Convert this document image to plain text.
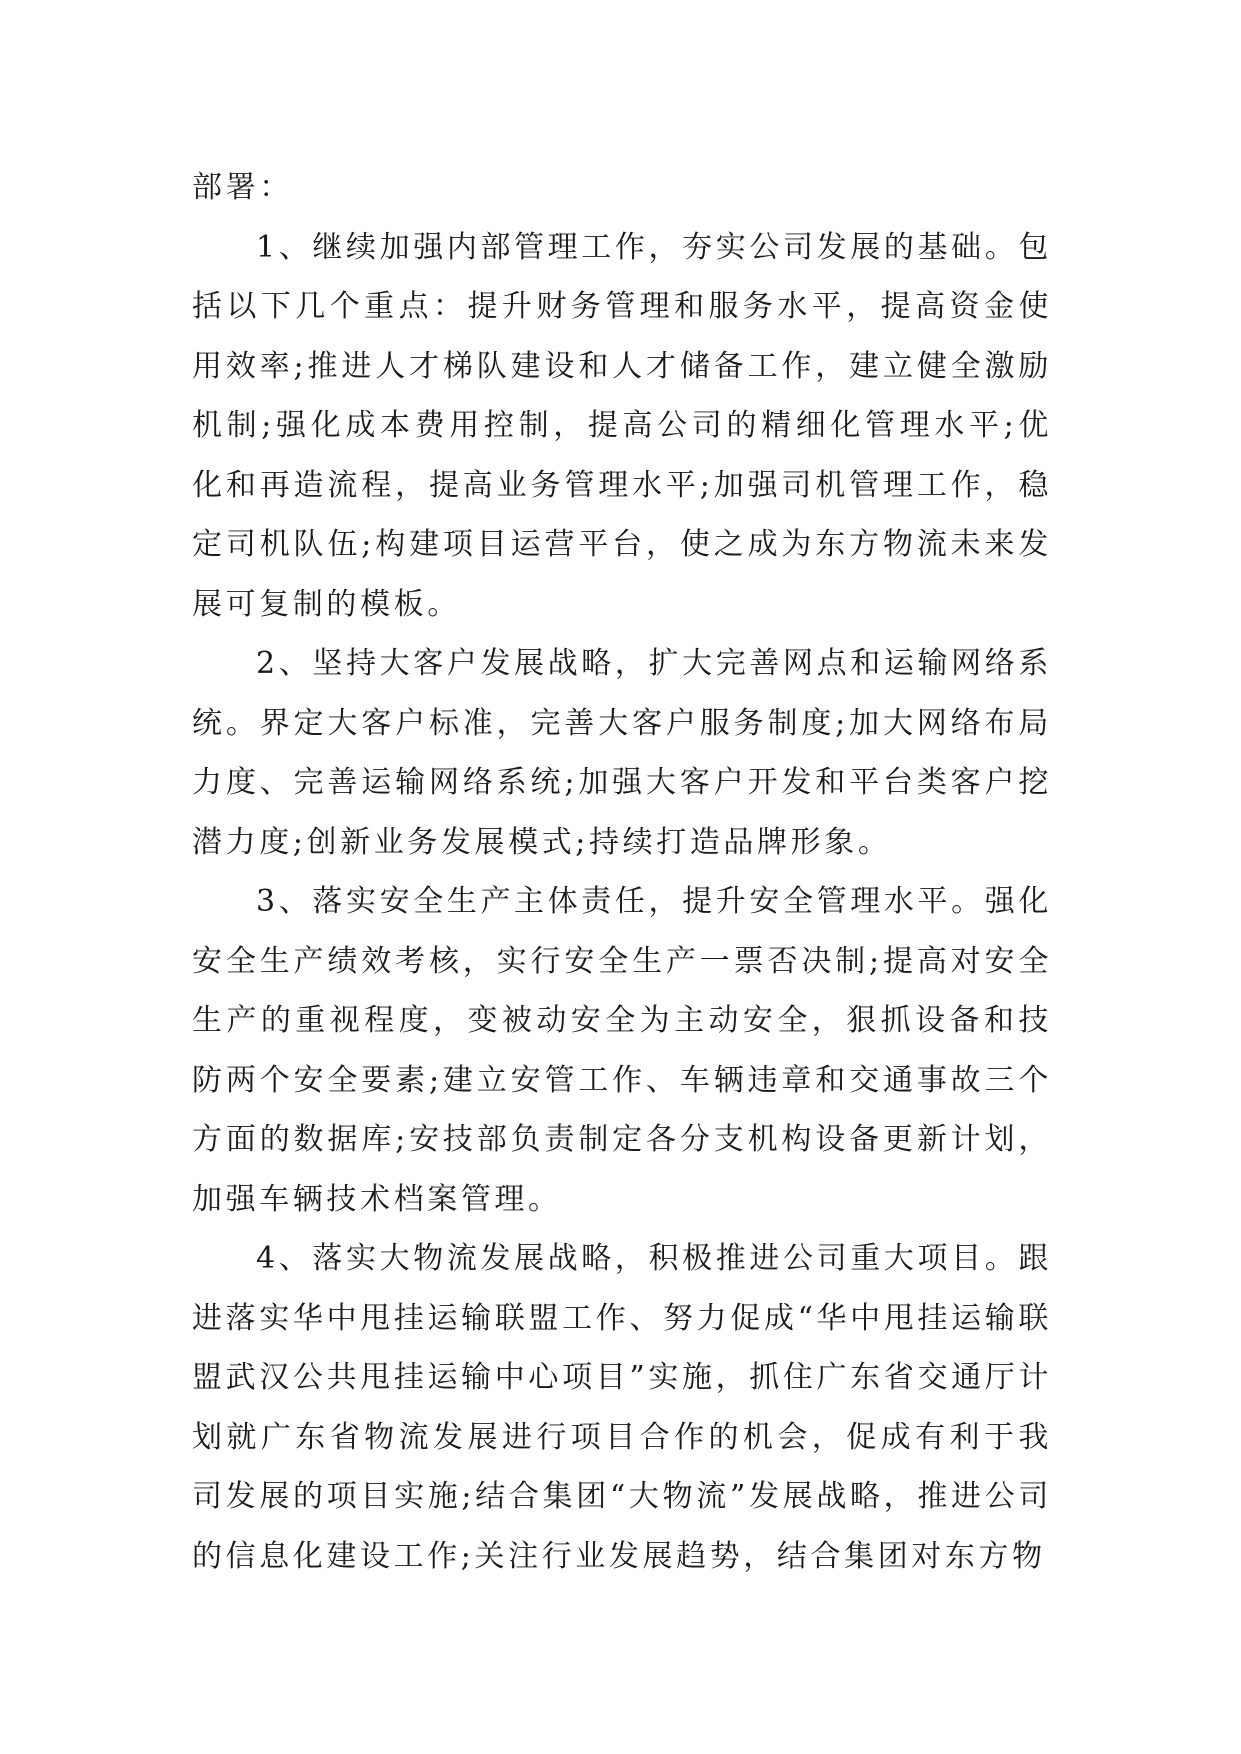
部署：

1、继续加强内部管理工作，夯实公司发展的基础。包括以下几个重点：提升财务管理和服务水平，提高资金使用效率;推进人才梯队建设和人才储备工作，建立健全激励机制;强化成本费用控制，提高公司的精细化管理水平;优化和再造流程，提高业务管理水平;加强司机管理工作，稳定司机队伍;构建项目运营平台，使之成为东方物流未来发展可复制的模板。

2、坚持大客户发展战略，扩大完善网点和运输网络系统。界定大客户标准，完善大客户服务制度;加大网络布局力度、完善运输网络系统;加强大客户开发和平台类客户挖潜力度;创新业务发展模式;持续打造品牌形象。

3、落实安全生产主体责任，提升安全管理水平。强化安全生产绩效考核，实行安全生产一票否决制;提高对安全生产的重视程度，变被动安全为主动安全，狠抓设备和技防两个安全要素;建立安管工作、车辆违章和交通事故三个方面的数据库;安技部负责制定各分支机构设备更新计划，加强车辆技术档案管理。

4、落实大物流发展战略，积极推进公司重大项目。跟进落实华中甩挂运输联盟工作、努力促成“华中甩挂运输联盟武汉公共甩挂运输中心项目”实施，抓住广东省交通厅计划就广东省物流发展进行项目合作的机会，促成有利于我司发展的项目实施;结合集团“大物流”发展战略，推进公司的信息化建设工作;关注行业发展趋势，结合集团对东方物
